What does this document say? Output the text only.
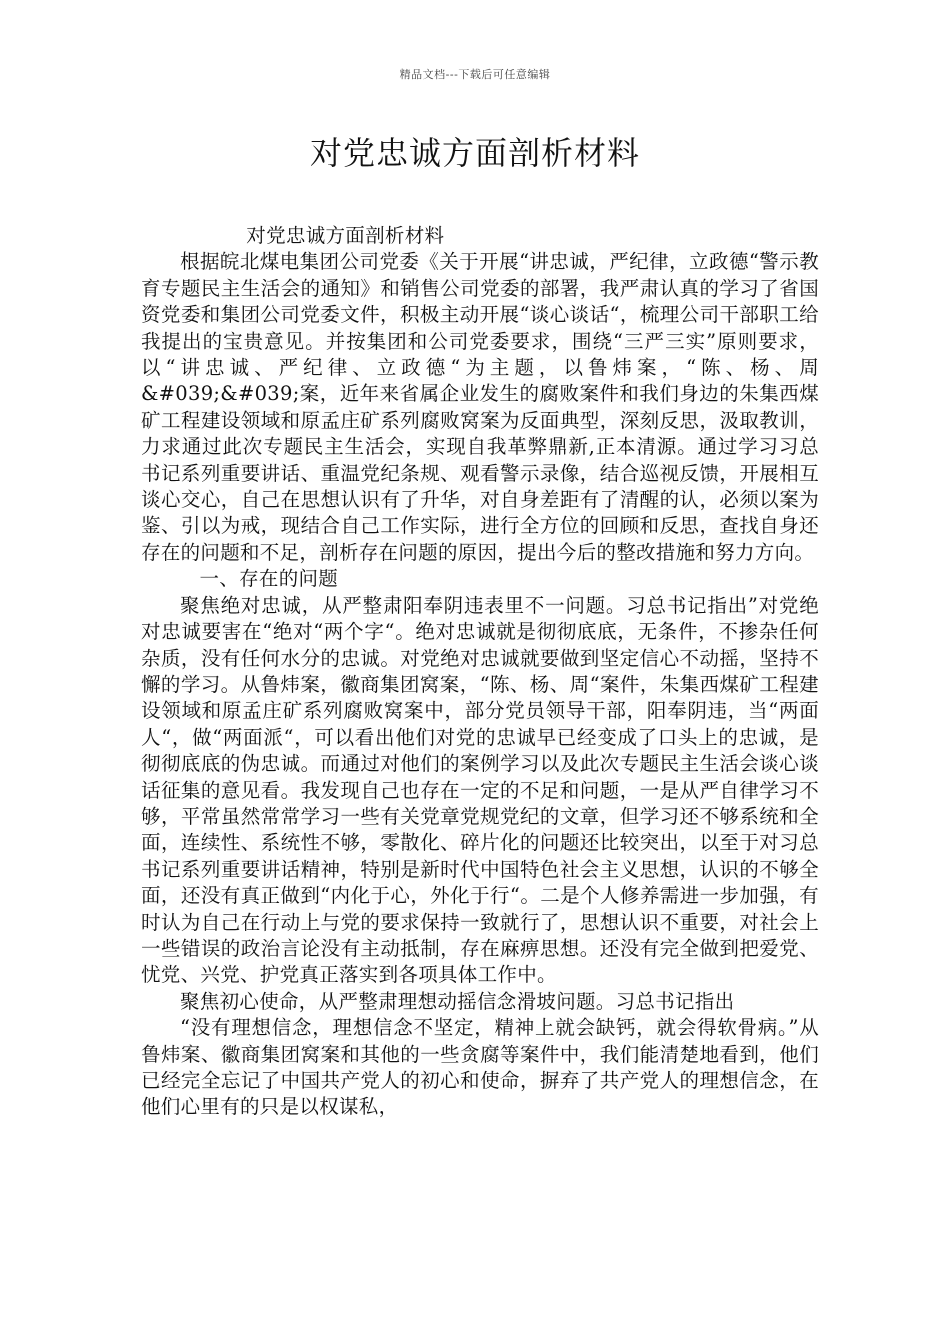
精品文档---下载后可任意编辑
对党忠诚方面剖析材料

对党忠诚方面剖析材料

根据皖北煤电集团公司党委《关于开展“讲忠诚，严纪律，立政德“警示教育专题民主生活会的通知》和销售公司党委的部署，我严肃认真的学习了省国资党委和集团公司党委文件，积极主动开展“谈心谈话“，梳理公司干部职工给我提出的宝贵意见。并按集团和公司党委要求，围绕“三严三实”原则要求，以“讲忠诚、严纪律、立政德“为主题，以鲁炜案，“陈、杨、周&#039;&#039;案，近年来省属企业发生的腐败案件和我们身边的朱集西煤矿工程建设领域和原孟庄矿系列腐败窝案为反面典型，深刻反思，汲取教训，力求通过此次专题民主生活会，实现自我革弊鼎新,正本清源。通过学习习总书记系列重要讲话、重温党纪条规、观看警示录像，结合巡视反馈，开展相互谈心交心，自己在思想认识有了升华，对自身差距有了清醒的认，必须以案为鉴、引以为戒，现结合自己工作实际，进行全方位的回顾和反思，查找自身还存在的问题和不足，剖析存在问题的原因，提出今后的整改措施和努力方向。

一、存在的问题

聚焦绝对忠诚，从严整肃阳奉阴违表里不一问题。习总书记指出”对党绝对忠诚要害在“绝对“两个字“。绝对忠诚就是彻彻底底，无条件，不掺杂任何杂质，没有任何水分的忠诚。对党绝对忠诚就要做到坚定信心不动摇，坚持不懈的学习。从鲁炜案，徽商集团窝案，“陈、杨、周“案件，朱集西煤矿工程建设领域和原孟庄矿系列腐败窝案中，部分党员领导干部，阳奉阴违，当“两面人“，做“两面派“，可以看出他们对党的忠诚早已经变成了口头上的忠诚，是彻彻底底的伪忠诚。而通过对他们的案例学习以及此次专题民主生活会谈心谈话征集的意见看。我发现自己也存在一定的不足和问题，一是从严自律学习不够，平常虽然常常学习一些有关党章党规党纪的文章，但学习还不够系统和全面，连续性、系统性不够，零散化、碎片化的问题还比较突出，以至于对习总书记系列重要讲话精神，特别是新时代中国特色社会主义思想，认识的不够全面，还没有真正做到“内化于心，外化于行“。二是个人修养需进一步加强，有时认为自己在行动上与党的要求保持一致就行了，思想认识不重要，对社会上一些错误的政治言论没有主动抵制，存在麻痹思想。还没有完全做到把爱党、忧党、兴党、护党真正落实到各项具体工作中。

聚焦初心使命，从严整肃理想动摇信念滑坡问题。习总书记指出

“没有理想信念，理想信念不坚定，精神上就会缺钙，就会得软骨病。”从鲁炜案、徽商集团窝案和其他的一些贪腐等案件中，我们能清楚地看到，他们已经完全忘记了中国共产党人的初心和使命，摒弃了共产党人的理想信念，在他们心里有的只是以权谋私，
